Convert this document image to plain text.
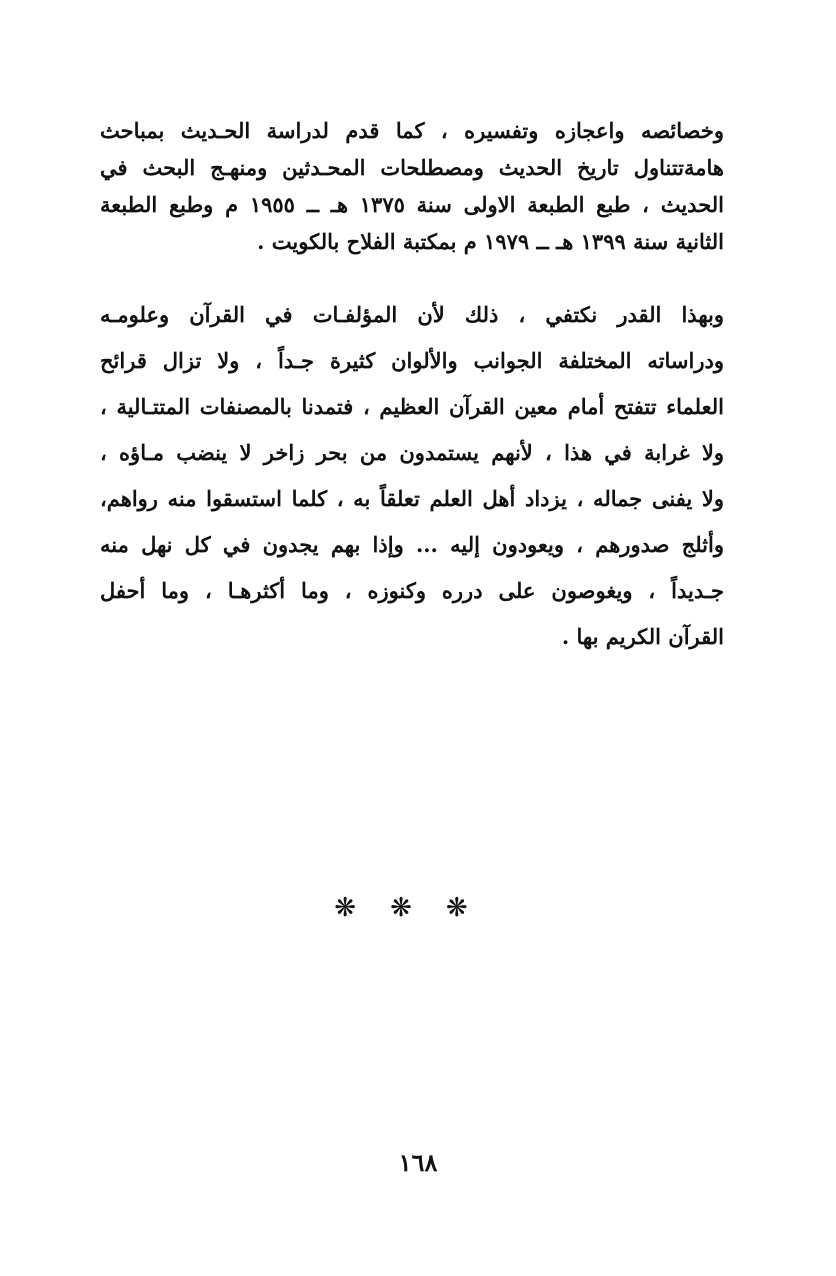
وخصائصه واعجازه وتفسيره ، كما قدم لدراسة الحـديث بمباحث
هامةتتناول تاريخ الحديث ومصطلحات المحـدثين ومنهـج البحث في
الحديث ، طبع الطبعة الاولى سنة ١٣٧٥ هـ ــ ١٩٥٥ م وطبع الطبعة
الثانية سنة ١٣٩٩ هـ ــ ١٩٧٩ م بمكتبة الفلاح بالكويت .
وبهذا القدر نكتفي ، ذلك لأن المؤلفـات في القرآن وعلومـه
ودراساته المختلفة الجوانب والألوان كثيرة جـداً ، ولا تزال قرائح
العلماء تتفتح أمام معين القرآن العظيم ، فتمدنا بالمصنفات المتتـالية ،
ولا غرابة في هذا ، لأنهم يستمدون من بحر زاخر لا ينضب مـاؤه ،
ولا يفنى جماله ، يزداد أهل العلم تعلقاً به ، كلما استسقوا منه رواهم،
وأثلج صدورهم ، ويعودون إليه ... وإذا بهم يجدون في كل نهل منه
جـديداً ، ويغوصون على درره وكنوزه ، وما أكثرهـا ، وما أحفل
القرآن الكريم بها .
❋❋❋
١٦٨
